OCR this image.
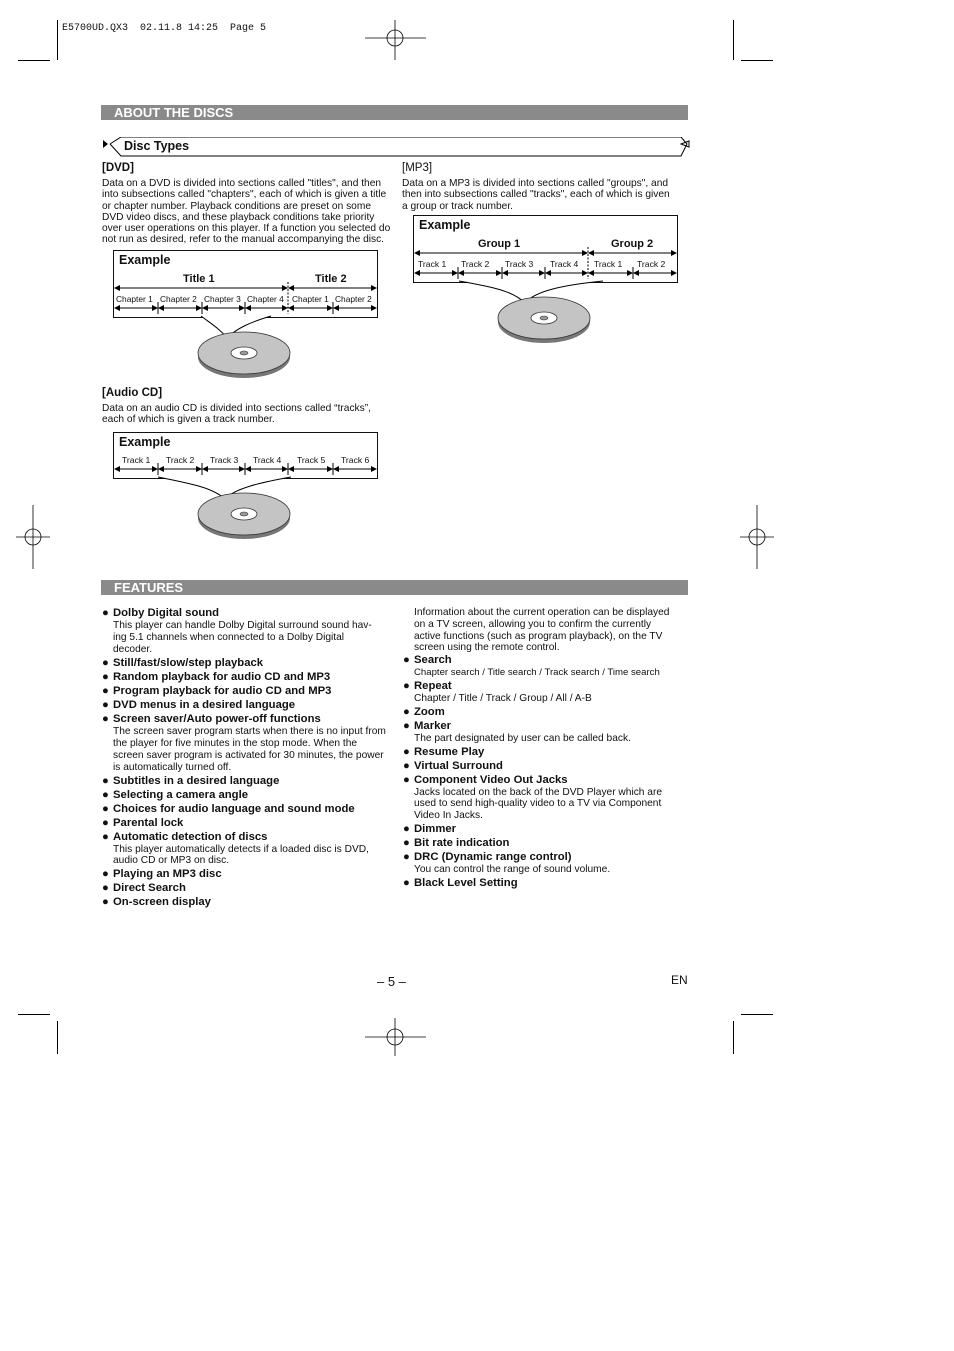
E5700UD.QX3  02.11.8 14:25  Page 5
ABOUT THE DISCS
Disc Types
[DVD]
Data on a DVD is divided into sections called "titles", and then
into subsections called "chapters", each of which is given a title
or chapter number. Playback conditions are preset on some
DVD video discs, and these playback conditions take priority
over user operations on this player. If a function you selected do
not run as desired, refer to the manual accompanying the disc.
Example
Title 1	Title 2
Chapter 1 Chapter 2 Chapter 3 Chapter 4 Chapter 1 Chapter 2
[MP3]
Data on a MP3 is divided into sections called "groups", and
then into subsections called "tracks", each of which is given
a group or track number.
Example
Group 1	Group 2
Track 1 Track 2 Track 3 Track 4 Track 1 Track 2
[Audio CD]
Data on an audio CD is divided into sections called “tracks”,
each of which is given a track number.
Example
Track 1 Track 2 Track 3 Track 4 Track 5 Track 6
FEATURES
● Dolby Digital sound
This player can handle Dolby Digital surround sound hav-
ing 5.1 channels when connected to a Dolby Digital
decoder.
● Still/fast/slow/step playback
● Random playback for audio CD and MP3
● Program playback for audio CD and MP3
● DVD menus in a desired language
● Screen saver/Auto power-off functions
The screen saver program starts when there is no input from
the player for five minutes in the stop mode. When the
screen saver program is activated for 30 minutes, the power
is automatically turned off.
● Subtitles in a desired language
● Selecting a camera angle
● Choices for audio language and sound mode
● Parental lock
● Automatic detection of discs
This player automatically detects if a loaded disc is DVD,
audio CD or MP3 on disc.
● Playing an MP3 disc
● Direct Search
● On-screen display
Information about the current operation can be displayed
on a TV screen, allowing you to confirm the currently
active functions (such as program playback), on the TV
screen using the remote control.
● Search
Chapter search / Title search / Track search / Time search
● Repeat
Chapter / Title / Track / Group / All / A-B
● Zoom
● Marker
The part designated by user can be called back.
● Resume Play
● Virtual Surround
● Component Video Out Jacks
Jacks located on the back of the DVD Player which are
used to send high-quality video to a TV via Component
Video In Jacks.
● Dimmer
● Bit rate indication
● DRC (Dynamic range control)
You can control the range of sound volume.
● Black Level Setting
– 5 –	EN
